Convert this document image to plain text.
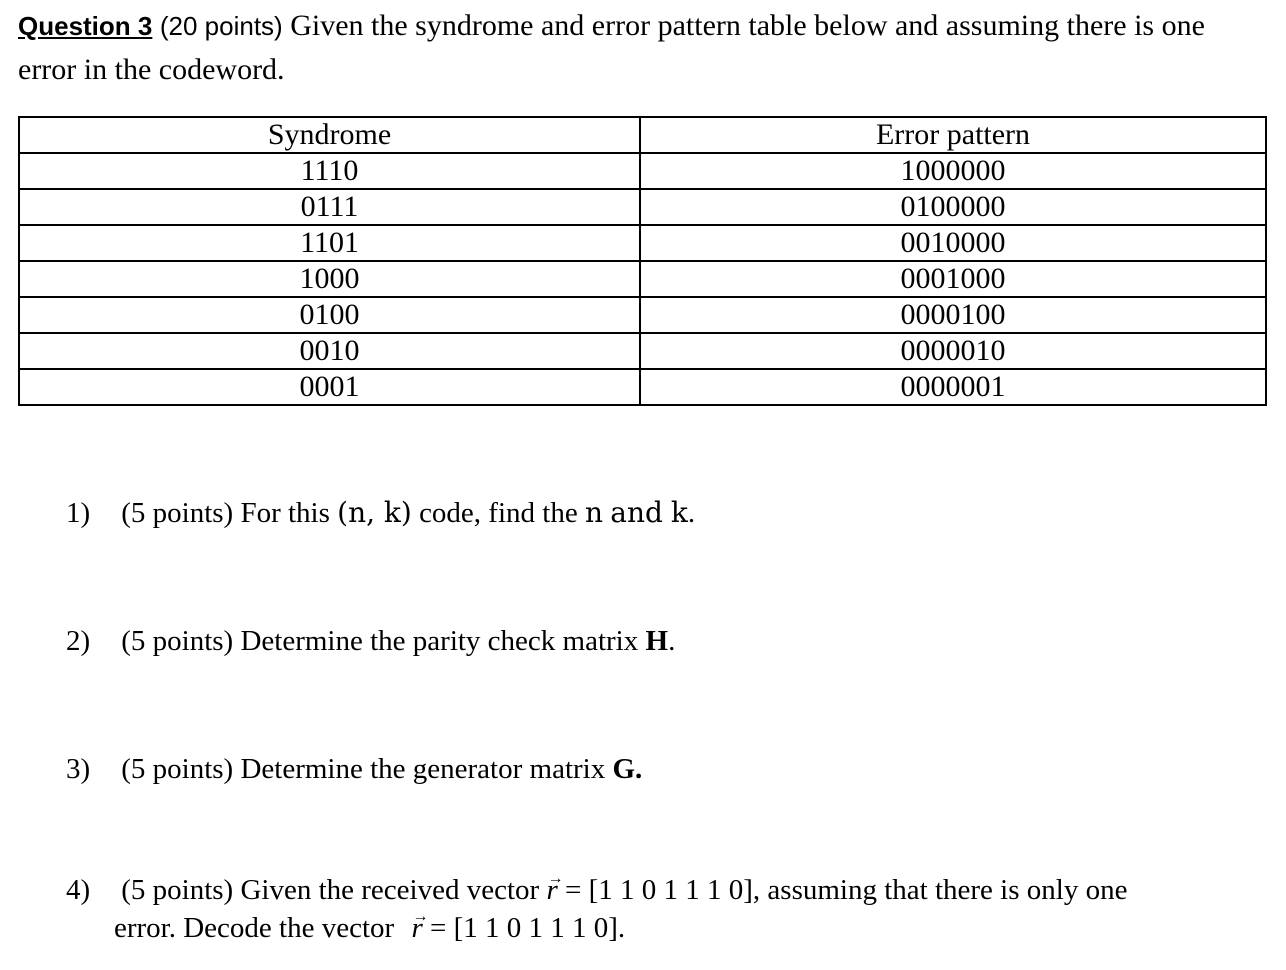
Question 3 (20 points) Given the syndrome and error pattern table below and assuming there is one error in the codeword.
Syndrome	Error pattern
1110	1000000
0111	0100000
1101	0010000
1000	0001000
0100	0000100
0010	0000010
0001	0000001
1) (5 points) For this (n, k) code, find the n and k.
2) (5 points) Determine the parity check matrix H.
3) (5 points) Determine the generator matrix G.
4) (5 points) Given the received vector → r = [1 1 0 1 1 1 0], assuming that there is only one
error. Decode the vector → r = [1 1 0 1 1 1 0].
